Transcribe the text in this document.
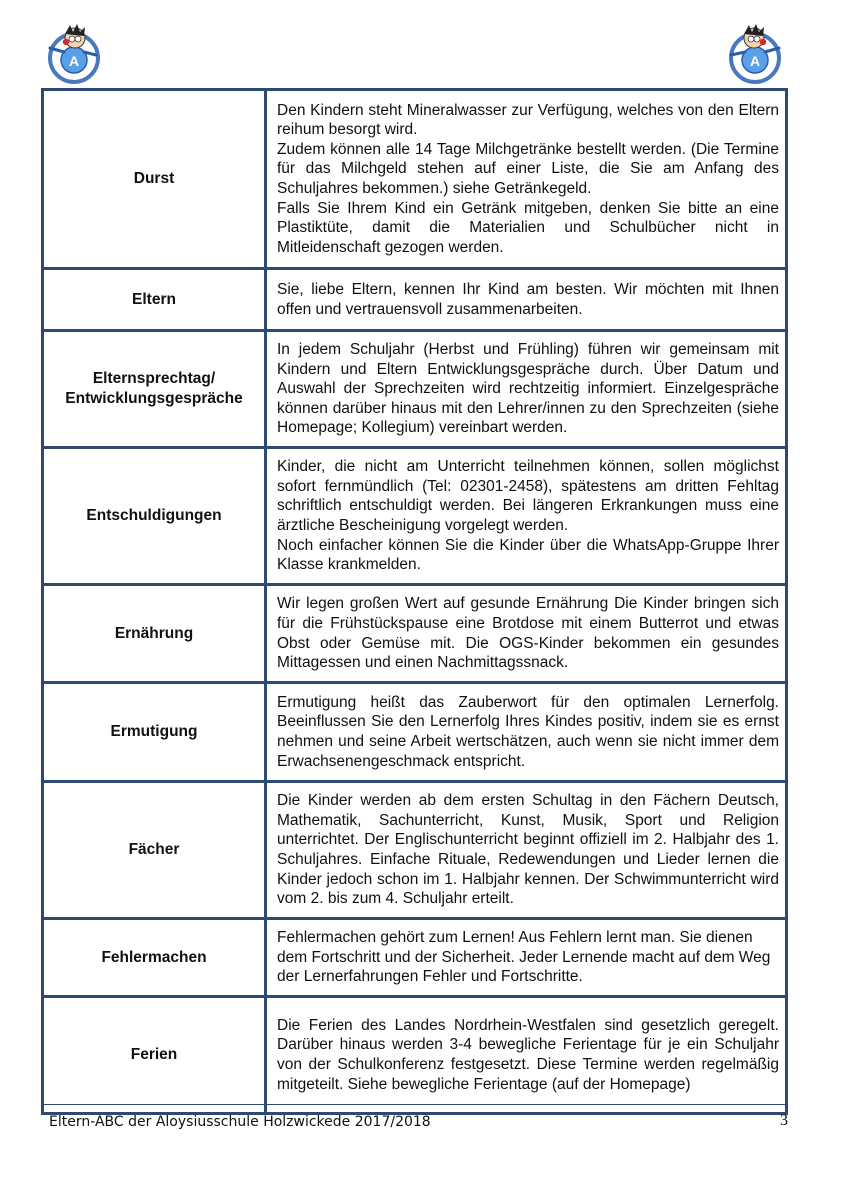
A	A
Durst	Den Kindern steht Mineralwasser zur Verfügung, welches von den Eltern reihum besorgt wird.

Zudem können alle 14 Tage Milchgetränke bestellt werden. (Die Termine für das Milchgeld stehen auf einer Liste, die Sie am Anfang des Schuljahres bekommen.) siehe Getränkegeld.

Falls Sie Ihrem Kind ein Getränk mitgeben, denken Sie bitte an eine Plastiktüte, damit die Materialien und Schulbücher nicht in Mitleidenschaft gezogen werden.

Eltern	Sie, liebe Eltern, kennen Ihr Kind am besten. Wir möchten mit Ihnen offen und vertrauensvoll zusammenarbeiten.

Elternsprechtag/ Entwicklungsgespräche	In jedem Schuljahr (Herbst und Frühling) führen wir gemeinsam mit Kindern und Eltern Entwicklungsgespräche durch. Über Datum und Auswahl der Sprechzeiten wird rechtzeitig informiert. Einzelgespräche können darüber hinaus mit den Lehrer/innen zu den Sprechzeiten (siehe Homepage; Kollegium) vereinbart werden.

Entschuldigungen	Kinder, die nicht am Unterricht teilnehmen können, sollen möglichst sofort fernmündlich (Tel: 02301-2458), spätestens am dritten Fehltag schriftlich entschuldigt werden. Bei längeren Erkrankungen muss eine ärztliche Bescheinigung vorgelegt werden.

Noch einfacher können Sie die Kinder über die WhatsApp-Gruppe Ihrer Klasse krankmelden.

Ernährung	Wir legen großen Wert auf gesunde Ernährung Die Kinder bringen sich für die Frühstückspause eine Brotdose mit einem Butterrot und etwas Obst oder Gemüse mit. Die OGS-Kinder bekommen ein gesundes Mittagessen und einen Nachmittagssnack.

Ermutigung	Ermutigung heißt das Zauberwort für den optimalen Lernerfolg. Beeinflussen Sie den Lernerfolg Ihres Kindes positiv, indem sie es ernst nehmen und seine Arbeit wertschätzen, auch wenn sie nicht immer dem Erwachsenengeschmack entspricht.

Fächer	Die Kinder werden ab dem ersten Schultag in den Fächern Deutsch, Mathematik, Sachunterricht, Kunst, Musik, Sport und Religion unterrichtet. Der Englischunterricht beginnt offiziell im 2. Halbjahr des 1. Schuljahres. Einfache Rituale, Redewendungen und Lieder lernen die Kinder jedoch schon im 1. Halbjahr kennen. Der Schwimmunterricht wird vom 2. bis zum 4. Schuljahr erteilt.

Fehlermachen	Fehlermachen gehört zum Lernen! Aus Fehlern lernt man. Sie dienen dem Fortschritt und der Sicherheit. Jeder Lernende macht auf dem Weg der Lernerfahrungen Fehler und Fortschritte.

Ferien	Die Ferien des Landes Nordrhein-Westfalen sind gesetzlich geregelt. Darüber hinaus werden 3-4 bewegliche Ferientage für je ein Schuljahr von der Schulkonferenz festgesetzt. Diese Termine werden regelmäßig mitgeteilt. Siehe bewegliche Ferientage (auf der Homepage)

Eltern-ABC der Aloysiusschule Holzwickede 2017/2018	3
